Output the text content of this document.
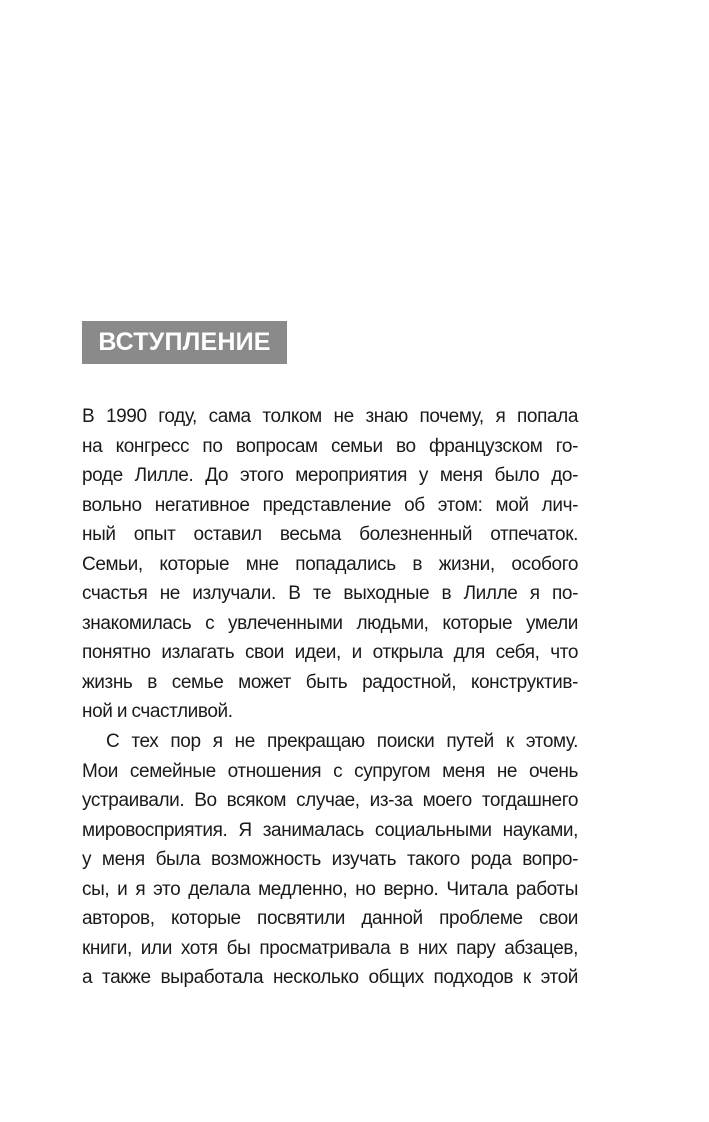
ВСТУПЛЕНИЕ
В 1990 году, сама толком не знаю почему, я попала
на конгресс по вопросам семьи во французском го-
роде Лилле. До этого мероприятия у меня было до-
вольно негативное представление об этом: мой лич-
ный опыт оставил весьма болезненный отпечаток.
Семьи, которые мне попадались в жизни, особого
счастья не излучали. В те выходные в Лилле я по-
знакомилась с увлеченными людьми, которые умели
понятно излагать свои идеи, и открыла для себя, что
жизнь в семье может быть радостной, конструктив-
ной и счастливой.
С тех пор я не прекращаю поиски путей к этому.
Мои семейные отношения с супругом меня не очень
устраивали. Во всяком случае, из-за моего тогдашнего
мировосприятия. Я занималась социальными науками,
у меня была возможность изучать такого рода вопро-
сы, и я это делала медленно, но верно. Читала работы
авторов, которые посвятили данной проблеме свои
книги, или хотя бы просматривала в них пару абзацев,
а также выработала несколько общих подходов к этой
